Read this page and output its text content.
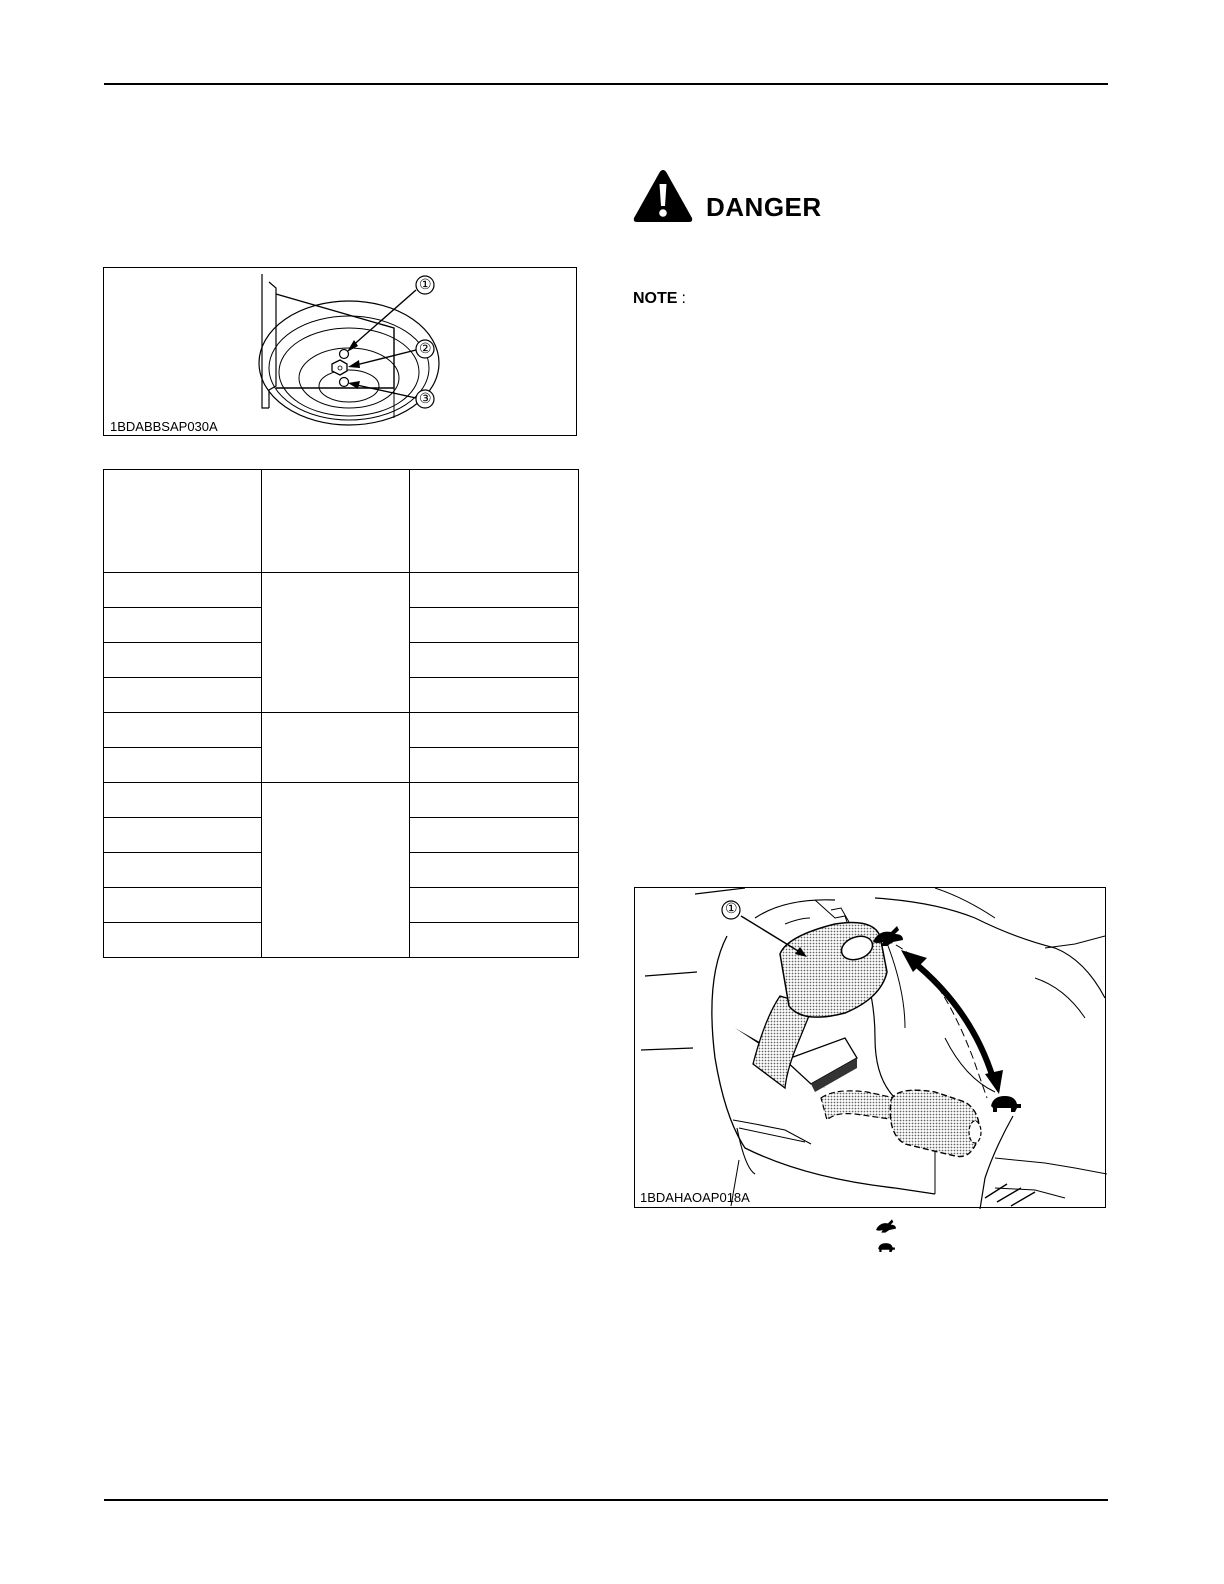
1BDABBSAP030A
①
②
③

DANGER
NOTE :
①
1BDAHAOAP018A
